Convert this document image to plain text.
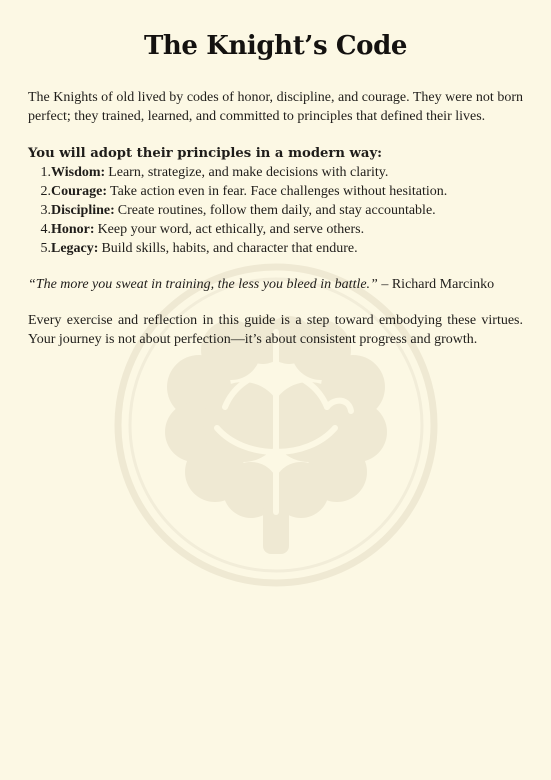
The Knight’s Code

The Knights of old lived by codes of honor, discipline, and courage. They were not born perfect; they trained, learned, and committed to principles that defined their lives.

You will adopt their principles in a modern way:

1. Wisdom: Learn, strategize, and make decisions with clarity.
2. Courage: Take action even in fear. Face challenges without hesitation.
3. Discipline: Create routines, follow them daily, and stay accountable.
4. Honor: Keep your word, act ethically, and serve others.
5. Legacy: Build skills, habits, and character that endure.

“The more you sweat in training, the less you bleed in battle.” – Richard Marcinko

Every exercise and reflection in this guide is a step toward embodying these virtues. Your journey is not about perfection—it’s about consistent progress and growth.
